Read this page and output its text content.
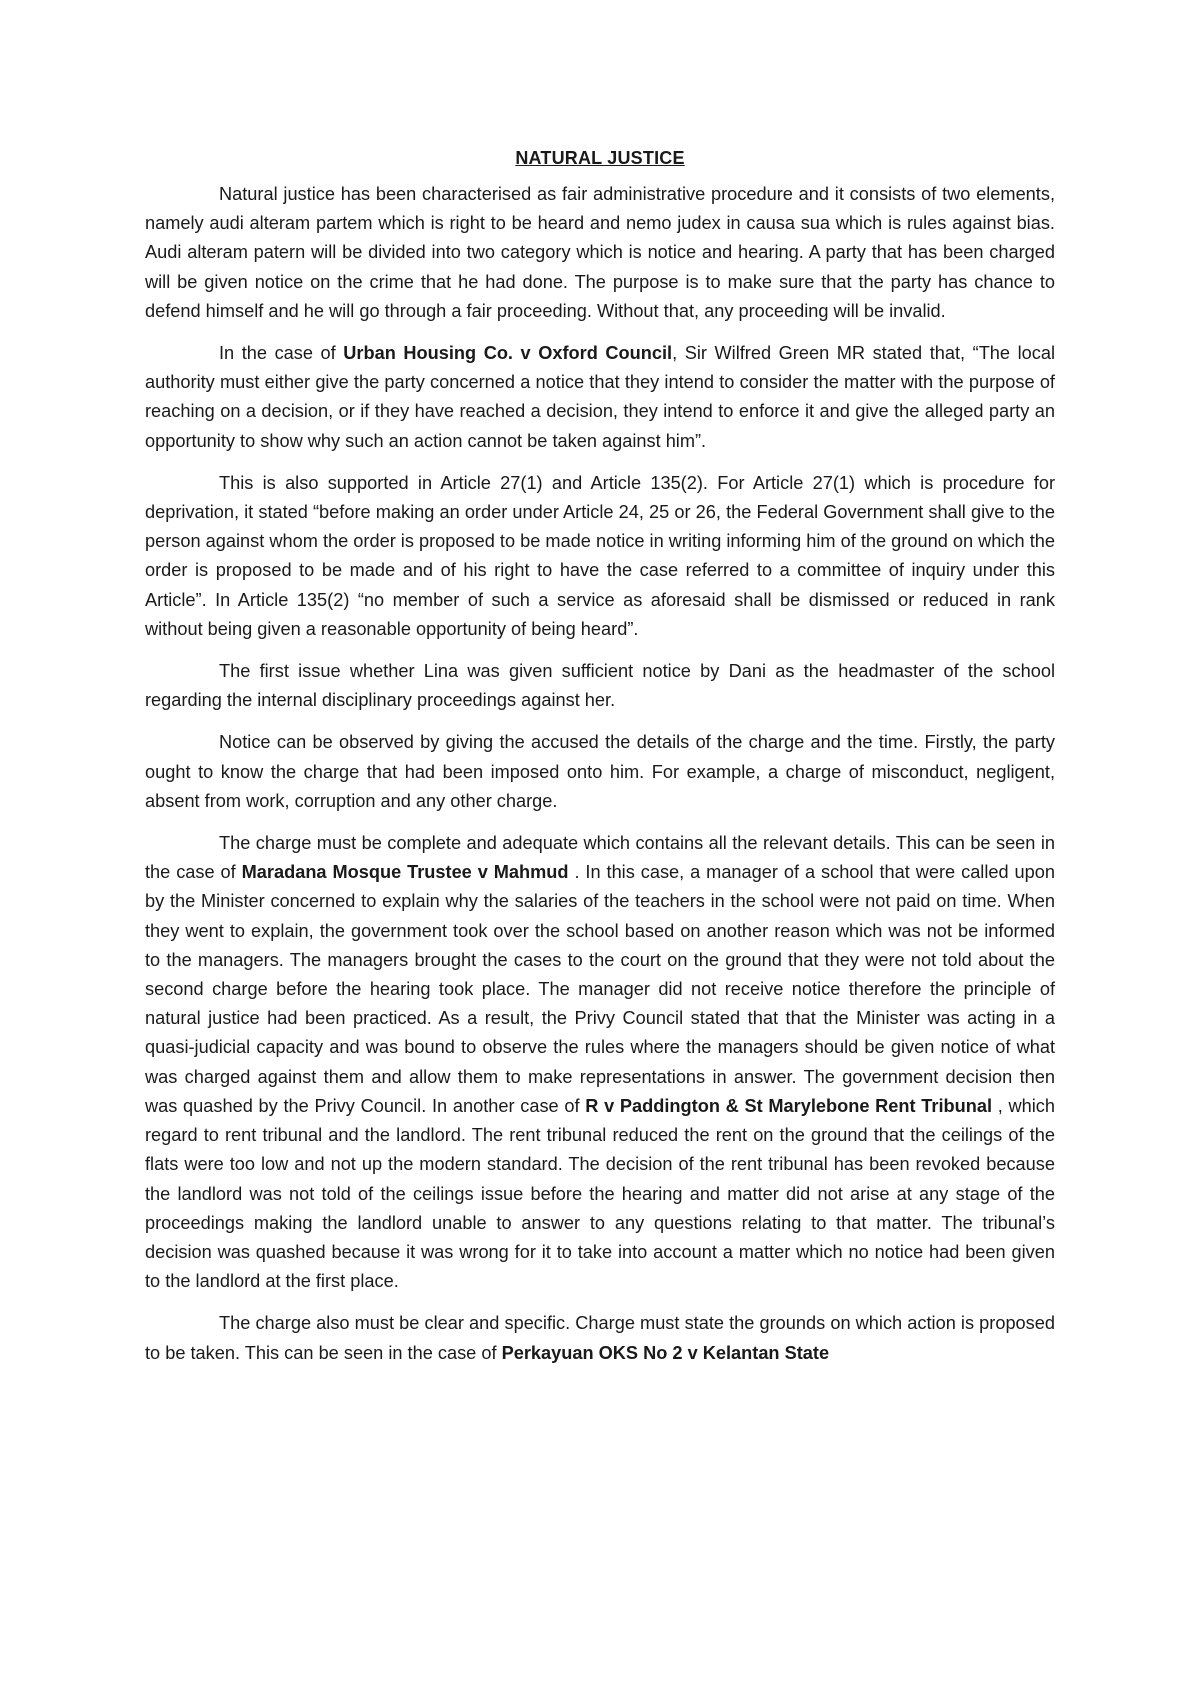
NATURAL JUSTICE

Natural justice has been characterised as fair administrative procedure and it consists of two elements, namely audi alteram partem which is right to be heard and nemo judex in causa sua which is rules against bias. Audi alteram patern will be divided into two category which is notice and hearing. A party that has been charged will be given notice on the crime that he had done. The purpose is to make sure that the party has chance to defend himself and he will go through a fair proceeding. Without that, any proceeding will be invalid.

In the case of Urban Housing Co. v Oxford Council, Sir Wilfred Green MR stated that, “The local authority must either give the party concerned a notice that they intend to consider the matter with the purpose of reaching on a decision, or if they have reached a decision, they intend to enforce it and give the alleged party an opportunity to show why such an action cannot be taken against him”.

This is also supported in Article 27(1) and Article 135(2). For Article 27(1) which is procedure for deprivation, it stated “before making an order under Article 24, 25 or 26, the Federal Government shall give to the person against whom the order is proposed to be made notice in writing informing him of the ground on which the order is proposed to be made and of his right to have the case referred to a committee of inquiry under this Article”. In Article 135(2) “no member of such a service as aforesaid shall be dismissed or reduced in rank without being given a reasonable opportunity of being heard”.

The first issue whether Lina was given sufficient notice by Dani as the headmaster of the school regarding the internal disciplinary proceedings against her.

Notice can be observed by giving the accused the details of the charge and the time. Firstly, the party ought to know the charge that had been imposed onto him. For example, a charge of misconduct, negligent, absent from work, corruption and any other charge.

The charge must be complete and adequate which contains all the relevant details. This can be seen in the case of Maradana Mosque Trustee v Mahmud . In this case, a manager of a school that were called upon by the Minister concerned to explain why the salaries of the teachers in the school were not paid on time. When they went to explain, the government took over the school based on another reason which was not be informed to the managers. The managers brought the cases to the court on the ground that they were not told about the second charge before the hearing took place. The manager did not receive notice therefore the principle of natural justice had been practiced. As a result, the Privy Council stated that that the Minister was acting in a quasi-judicial capacity and was bound to observe the rules where the managers should be given notice of what was charged against them and allow them to make representations in answer. The government decision then was quashed by the Privy Council. In another case of R v Paddington & St Marylebone Rent Tribunal , which regard to rent tribunal and the landlord. The rent tribunal reduced the rent on the ground that the ceilings of the flats were too low and not up the modern standard. The decision of the rent tribunal has been revoked because the landlord was not told of the ceilings issue before the hearing and matter did not arise at any stage of the proceedings making the landlord unable to answer to any questions relating to that matter. The tribunal’s decision was quashed because it was wrong for it to take into account a matter which no notice had been given to the landlord at the first place.

The charge also must be clear and specific. Charge must state the grounds on which action is proposed to be taken. This can be seen in the case of Perkayuan OKS No 2 v Kelantan State
